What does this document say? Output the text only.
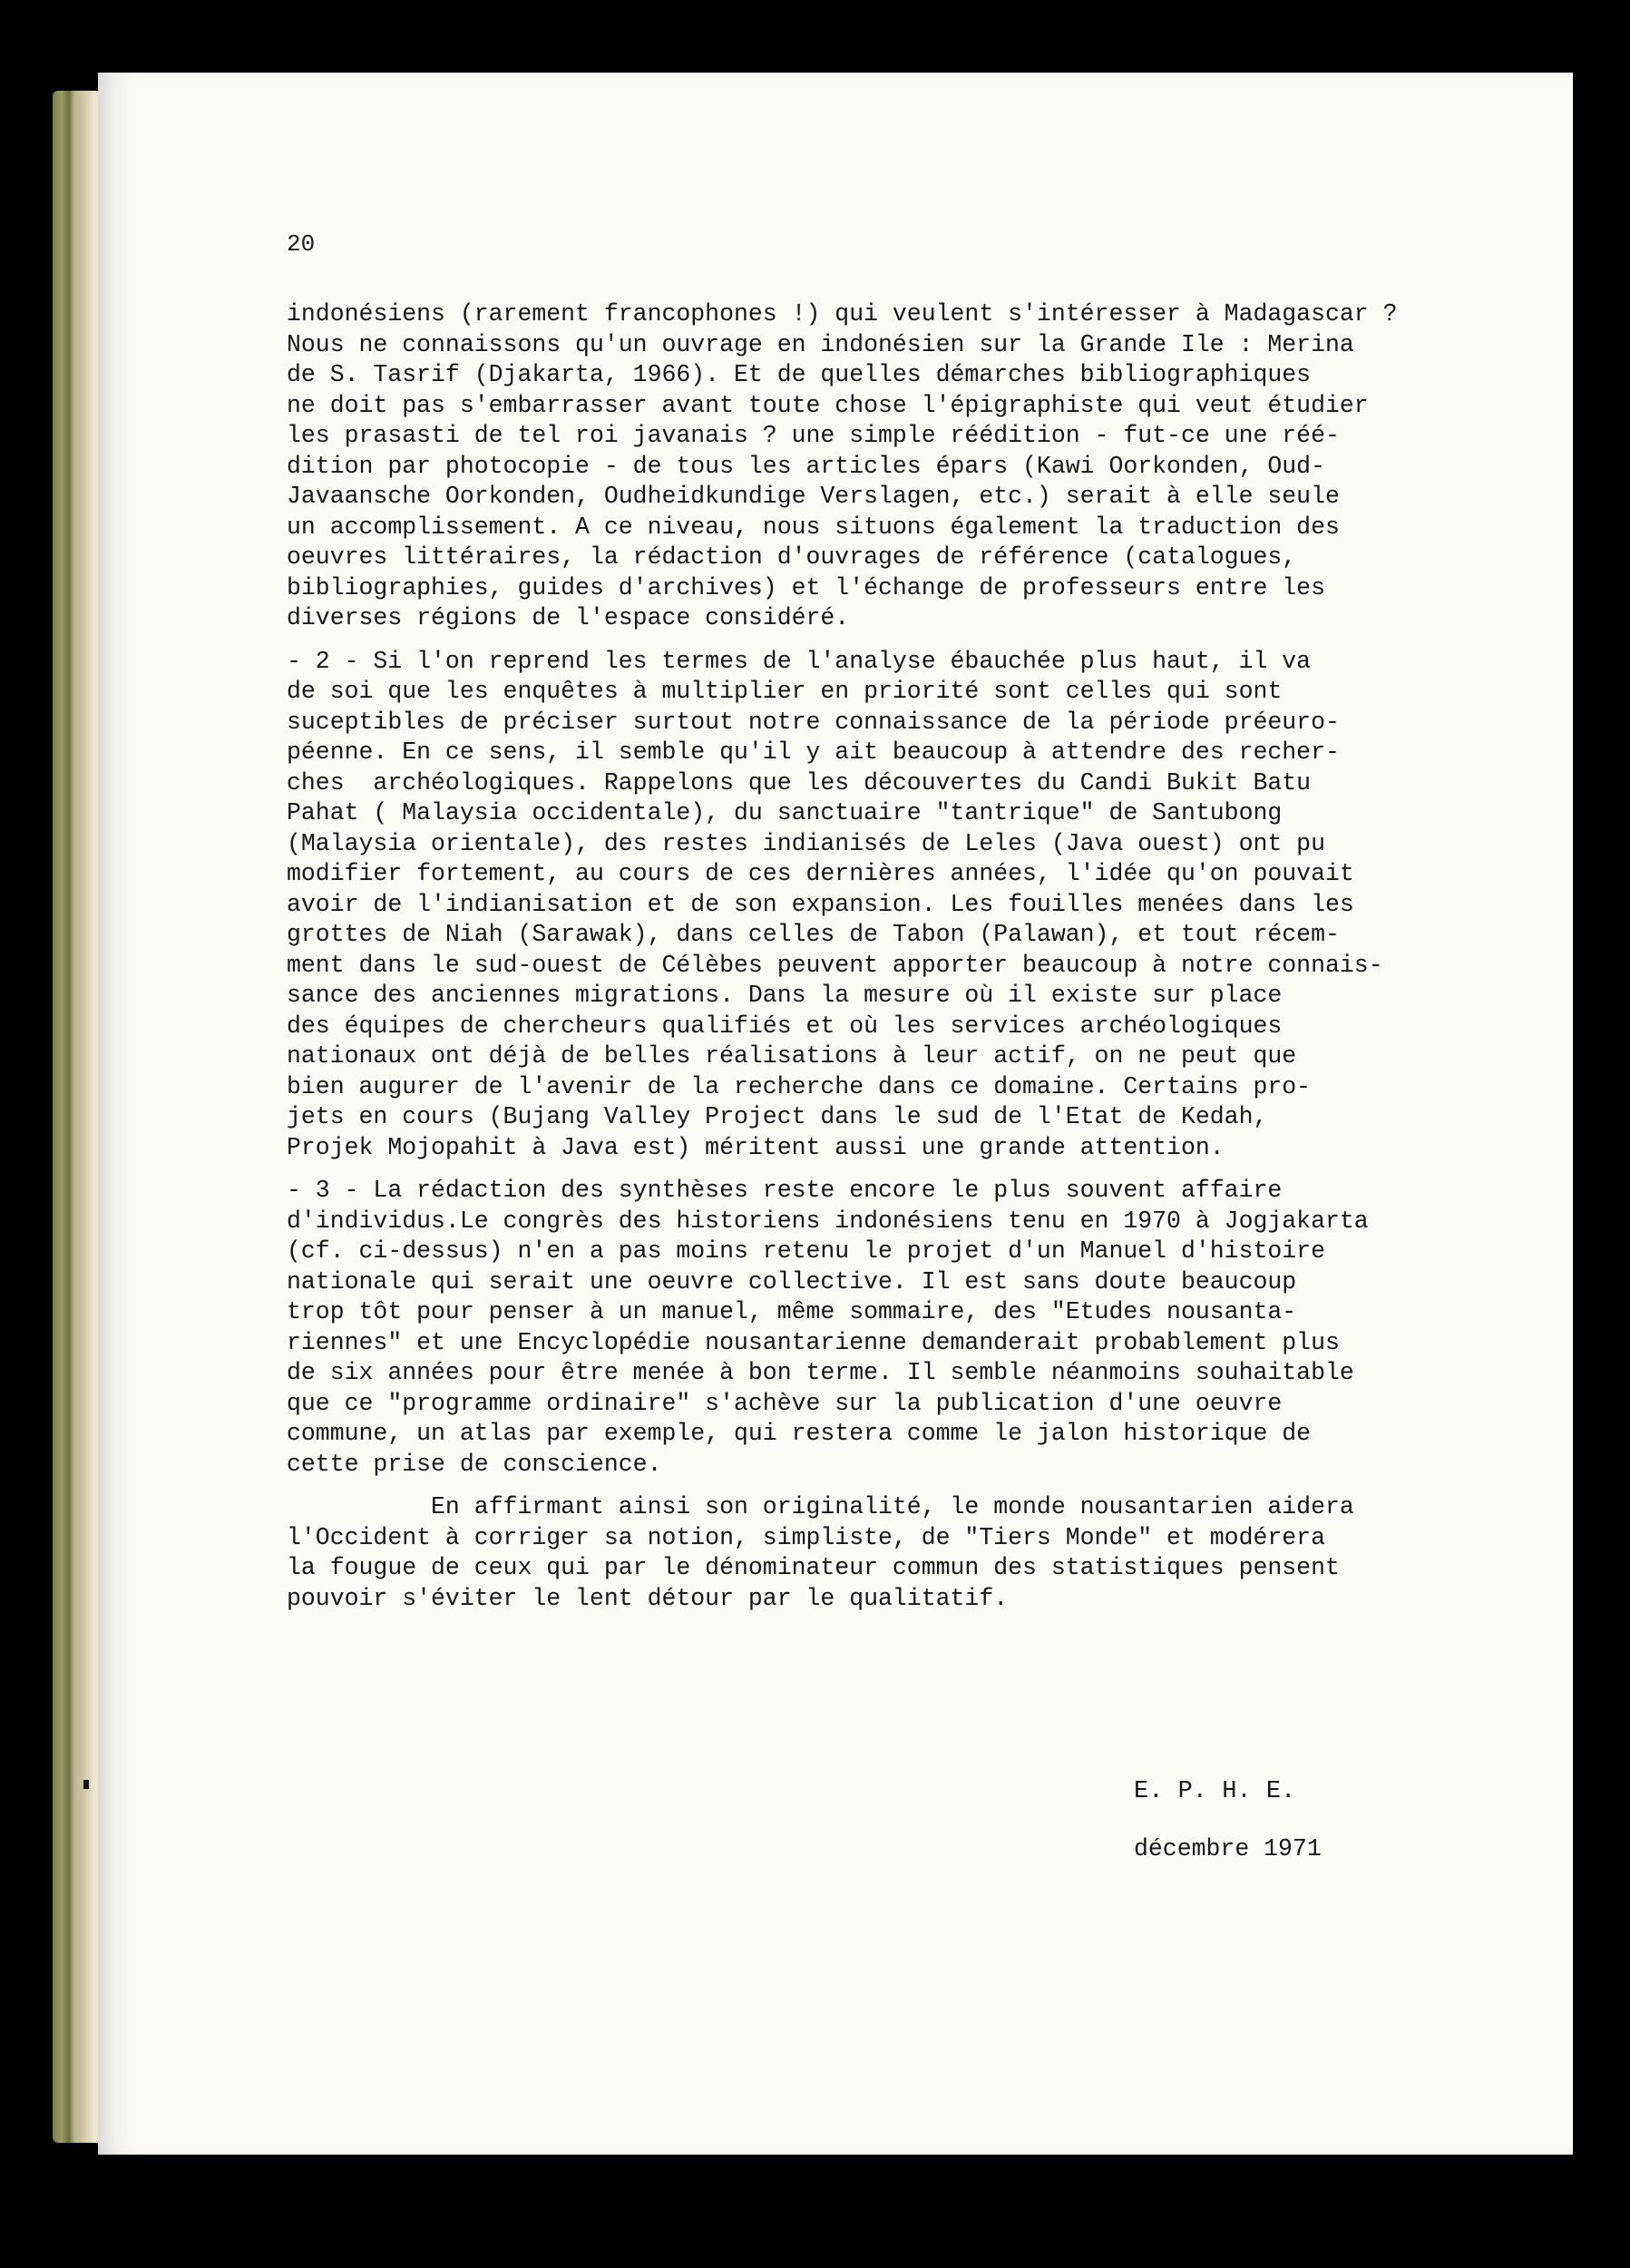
20
indonésiens (rarement francophones !) qui veulent s'intéresser à Madagascar ?
Nous ne connaissons qu'un ouvrage en indonésien sur la Grande Ile : Merina
de S. Tasrif (Djakarta, 1966). Et de quelles démarches bibliographiques
ne doit pas s'embarrasser avant toute chose l'épigraphiste qui veut étudier
les prasasti de tel roi javanais ? une simple réédition - fut-ce une réé-
dition par photocopie - de tous les articles épars (Kawi Oorkonden, Oud-
Javaansche Oorkonden, Oudheidkundige Verslagen, etc.) serait à elle seule
un accomplissement. A ce niveau, nous situons également la traduction des
oeuvres littéraires, la rédaction d'ouvrages de référence (catalogues,
bibliographies, guides d'archives) et l'échange de professeurs entre les
diverses régions de l'espace considéré.
- 2 - Si l'on reprend les termes de l'analyse ébauchée plus haut, il va
de soi que les enquêtes à multiplier en priorité sont celles qui sont
suceptibles de préciser surtout notre connaissance de la période préeuro-
péenne. En ce sens, il semble qu'il y ait beaucoup à attendre des recher-
ches  archéologiques. Rappelons que les découvertes du Candi Bukit Batu
Pahat ( Malaysia occidentale), du sanctuaire "tantrique" de Santubong
(Malaysia orientale), des restes indianisés de Leles (Java ouest) ont pu
modifier fortement, au cours de ces dernières années, l'idée qu'on pouvait
avoir de l'indianisation et de son expansion. Les fouilles menées dans les
grottes de Niah (Sarawak), dans celles de Tabon (Palawan), et tout récem-
ment dans le sud-ouest de Célèbes peuvent apporter beaucoup à notre connais-
sance des anciennes migrations. Dans la mesure où il existe sur place
des équipes de chercheurs qualifiés et où les services archéologiques
nationaux ont déjà de belles réalisations à leur actif, on ne peut que
bien augurer de l'avenir de la recherche dans ce domaine. Certains pro-
jets en cours (Bujang Valley Project dans le sud de l'Etat de Kedah,
Projek Mojopahit à Java est) méritent aussi une grande attention.
- 3 - La rédaction des synthèses reste encore le plus souvent affaire
d'individus.Le congrès des historiens indonésiens tenu en 1970 à Jogjakarta
(cf. ci-dessus) n'en a pas moins retenu le projet d'un Manuel d'histoire
nationale qui serait une oeuvre collective. Il est sans doute beaucoup
trop tôt pour penser à un manuel, même sommaire, des "Etudes nousanta-
riennes" et une Encyclopédie nousantarienne demanderait probablement plus
de six années pour être menée à bon terme. Il semble néanmoins souhaitable
que ce "programme ordinaire" s'achève sur la publication d'une oeuvre
commune, un atlas par exemple, qui restera comme le jalon historique de
cette prise de conscience.
En affirmant ainsi son originalité, le monde nousantarien aidera
l'Occident à corriger sa notion, simpliste, de "Tiers Monde" et modérera
la fougue de ceux qui par le dénominateur commun des statistiques pensent
pouvoir s'éviter le lent détour par le qualitatif.
E. P. H. E.
décembre 1971
